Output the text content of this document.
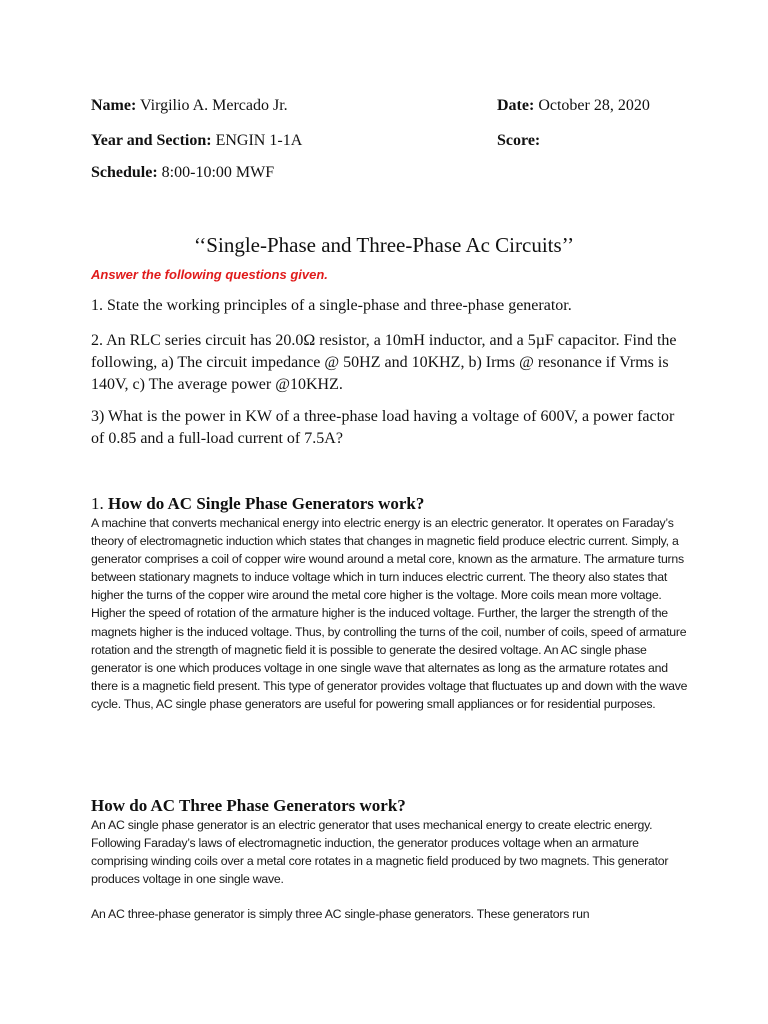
Name: Virgilio A. Mercado Jr.	Date: October 28, 2020
Year and Section: ENGIN 1-1A	Score:
Schedule: 8:00-10:00 MWF
‘‘Single-Phase and Three-Phase Ac Circuits’’
Answer the following questions given.
1. State the working principles of a single-phase and three-phase generator.
2. An RLC series circuit has 20.0Ω resistor, a 10mH inductor, and a 5µF capacitor. Find the following, a) The circuit impedance @ 50HZ and 10KHZ, b) Irms @ resonance if Vrms is 140V, c) The average power @10KHZ.
3) What is the power in KW of a three-phase load having a voltage of 600V, a power factor of 0.85 and a full-load current of 7.5A?
1. How do AC Single Phase Generators work?
A machine that converts mechanical energy into electric energy is an electric generator. It operates on Faraday’s theory of electromagnetic induction which states that changes in magnetic field produce electric current. Simply, a generator comprises a coil of copper wire wound around a metal core, known as the armature. The armature turns between stationary magnets to induce voltage which in turn induces electric current. The theory also states that higher the turns of the copper wire around the metal core higher is the voltage. More coils mean more voltage. Higher the speed of rotation of the armature higher is the induced voltage. Further, the larger the strength of the magnets higher is the induced voltage. Thus, by controlling the turns of the coil, number of coils, speed of armature rotation and the strength of magnetic field it is possible to generate the desired voltage. An AC single phase generator is one which produces voltage in one single wave that alternates as long as the armature rotates and there is a magnetic field present. This type of generator provides voltage that fluctuates up and down with the wave cycle. Thus, AC single phase generators are useful for powering small appliances or for residential purposes.
How do AC Three Phase Generators work?
An AC single phase generator is an electric generator that uses mechanical energy to create electric energy. Following Faraday’s laws of electromagnetic induction, the generator produces voltage when an armature comprising winding coils over a metal core rotates in a magnetic field produced by two magnets. This generator produces voltage in one single wave.
An AC three-phase generator is simply three AC single-phase generators. These generators run
